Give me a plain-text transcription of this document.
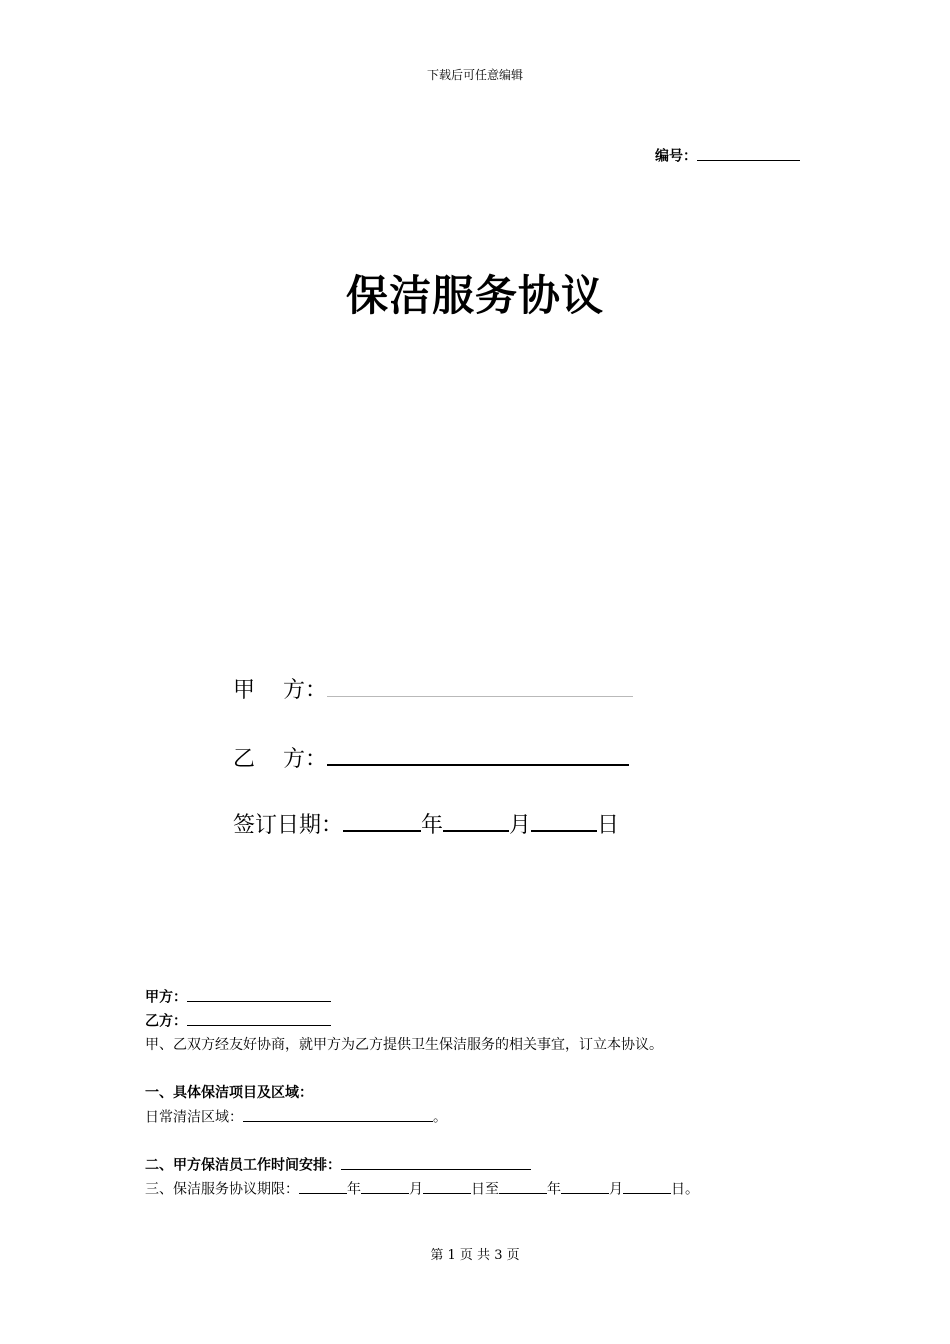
下载后可任意编辑
编号：
保洁服务协议
甲    方：
乙    方：
签订日期：	年	月	日
甲方：
乙方：
甲、乙双方经友好协商，就甲方为乙方提供卫生保洁服务的相关事宜，订立本协议。
一、具体保洁项目及区域：
日常清洁区域：	。
二、甲方保洁员工作时间安排：
三、保洁服务协议期限：	年	月	日至	年	月	日。
第 1 页 共 3 页
